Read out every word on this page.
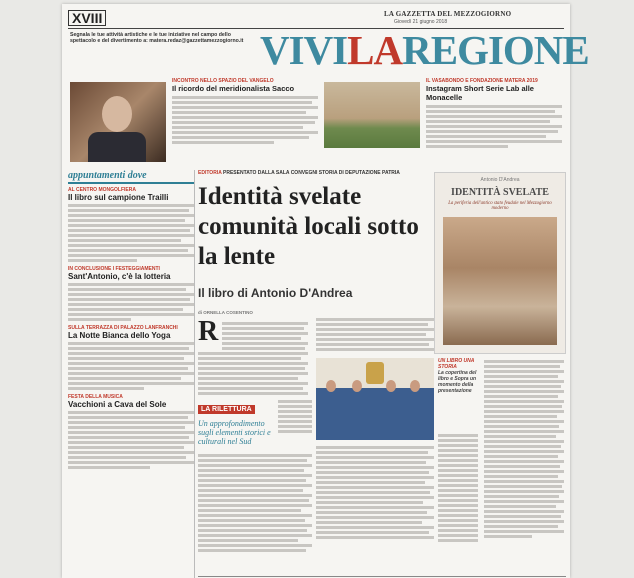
XVIII	LA GAZZETTA DEL MEZZOGIORNO
Giovedì 21 giugno 2018
Segnala le tue attività artistiche e le tue iniziative nel campo dello spettacolo e del divertimento a: matera.redaz@gazzettamezzogiorno.it VIVILAREGIONE
INCONTRO NELLO SPAZIO DEL VANGELO
Il ricordo del meridionalista Sacco
IL VASABONDO E FONDAZIONE MATERA 2019
Instagram Short Serie Lab alle Monacelle
appuntamenti dove
AL CENTRO MONGOLFIERA
Il libro sul campione Trailli
IN CONCLUSIONE I FESTEGGIAMENTI
Sant'Antonio, c'è la lotteria
SULLA TERRAZZA DI PALAZZO LANFRANCHI
La Notte Bianca dello Yoga
FESTA DELLA MUSICA
Vacchioni a Cava del Sole
EDITORIA PRESENTATO DALLA SALA CONVEGNI STORIA DI DEPUTAZIONE PATRIA
Identità svelate comunità locali sotto la lente
Il libro di Antonio D'Andrea
Antonio D'Andrea
IDENTITÀ SVELATE
La periferia dell'antico stato feudale nel Mezzogiorno moderno
di ORNELLA COSENTINO
R
LA RILETTURA
Un approfondimento sugli elementi storici e culturali nel Sud
UN LIBRO UNA STORIA
La copertina del libro e Sopra un momento della presentazione
